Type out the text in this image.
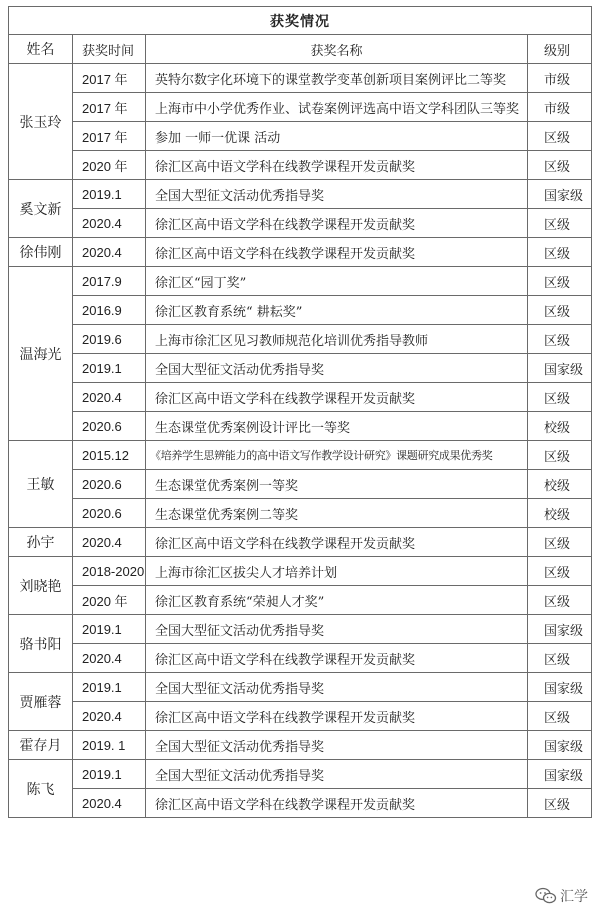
获奖情况			
姓名	获奖时间	获奖名称	级别
张玉玲	2017 年	英特尔数字化环境下的课堂教学变革创新项目案例评比二等奖	市级
	2017 年	上海市中小学优秀作业、试卷案例评选高中语文学科团队三等奖	市级
	2017 年	参加 一师一优课 活动	区级
	2020 年	徐汇区高中语文学科在线教学课程开发贡献奖	区级
奚文新	2019.1	全国大型征文活动优秀指导奖	国家级
	2020.4	徐汇区高中语文学科在线教学课程开发贡献奖	区级
徐伟刚	2020.4	徐汇区高中语文学科在线教学课程开发贡献奖	区级
温海光	2017.9	徐汇区“园丁奖”	区级
	2016.9	徐汇区教育系统“ 耕耘奖”	区级
	2019.6	上海市徐汇区见习教师规范化培训优秀指导教师	区级
	2019.1	全国大型征文活动优秀指导奖	国家级
	2020.4	徐汇区高中语文学科在线教学课程开发贡献奖	区级
	2020.6	生态课堂优秀案例设计评比一等奖	校级
王敏	2015.12	《培养学生思辨能力的高中语文写作教学设计研究》课题研究成果优秀奖	区级
	2020.6	生态课堂优秀案例一等奖	校级
	2020.6	生态课堂优秀案例二等奖	校级
孙宇	2020.4	徐汇区高中语文学科在线教学课程开发贡献奖	区级
刘晓艳	2018-2020	上海市徐汇区拔尖人才培养计划	区级
	2020 年	徐汇区教育系统“荣昶人才奖”	区级
骆书阳	2019.1	全国大型征文活动优秀指导奖	国家级
	2020.4	徐汇区高中语文学科在线教学课程开发贡献奖	区级
贾雁蓉	2019.1	全国大型征文活动优秀指导奖	国家级
	2020.4	徐汇区高中语文学科在线教学课程开发贡献奖	区级
霍存月	2019. 1	全国大型征文活动优秀指导奖	国家级
陈飞	2019.1	全国大型征文活动优秀指导奖	国家级
	2020.4	徐汇区高中语文学科在线教学课程开发贡献奖	区级
汇学
